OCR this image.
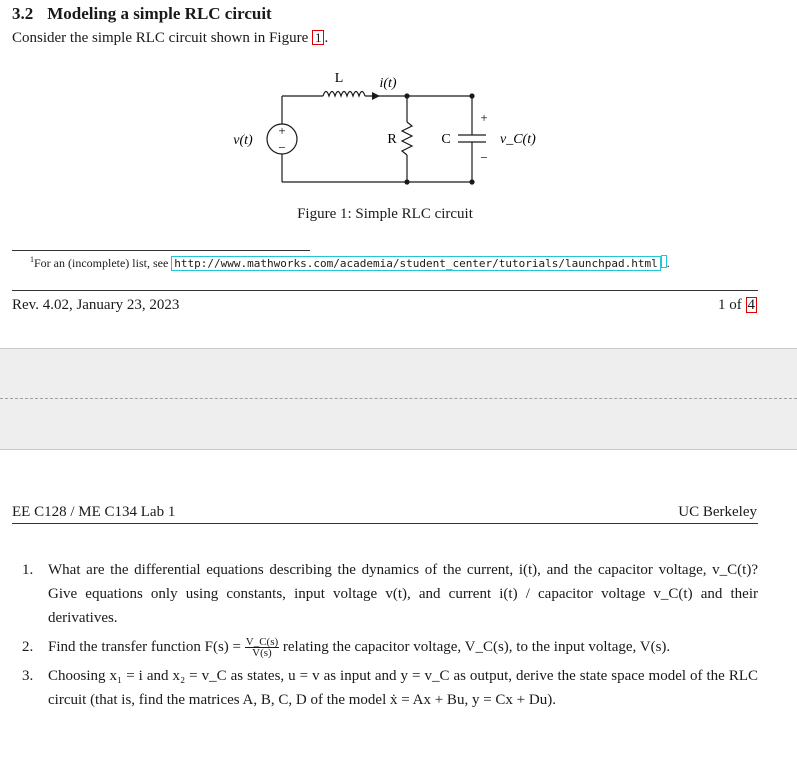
3.2 Modeling a simple RLC circuit
Consider the simple RLC circuit shown in Figure 1 .
L	i(t)
v(t)
+
−
R	C
+
−
v_C(t)
Figure 1: Simple RLC circuit
$^1$For an (incomplete) list, see http://www.mathworks.com/academia/student_center/tutorials/launchpad.html .
Rev. 4.02, January 23, 2023	1 of 4
EE C128 / ME C134 Lab 1	UC Berkeley
1. What are the differential equations describing the dynamics of the current, i(t), and the capacitor voltage, v_C(t)? Give equations only using constants, input voltage v(t), and current i(t) / capacitor voltage v_C(t) and their derivatives.
2. Find the transfer function $F(s) = \frac{V\_C(s)}{V(s)}$ relating the capacitor voltage, V_C(s), to the input voltage, V(s).
3. Choosing x₁ = i and x₂ = v_C as states, u = v as input and y = v_C as output, derive the state space model of the RLC circuit (that is, find the matrices A, B, C, D of the model ẋ = Ax + Bu, y = Cx + Du).
